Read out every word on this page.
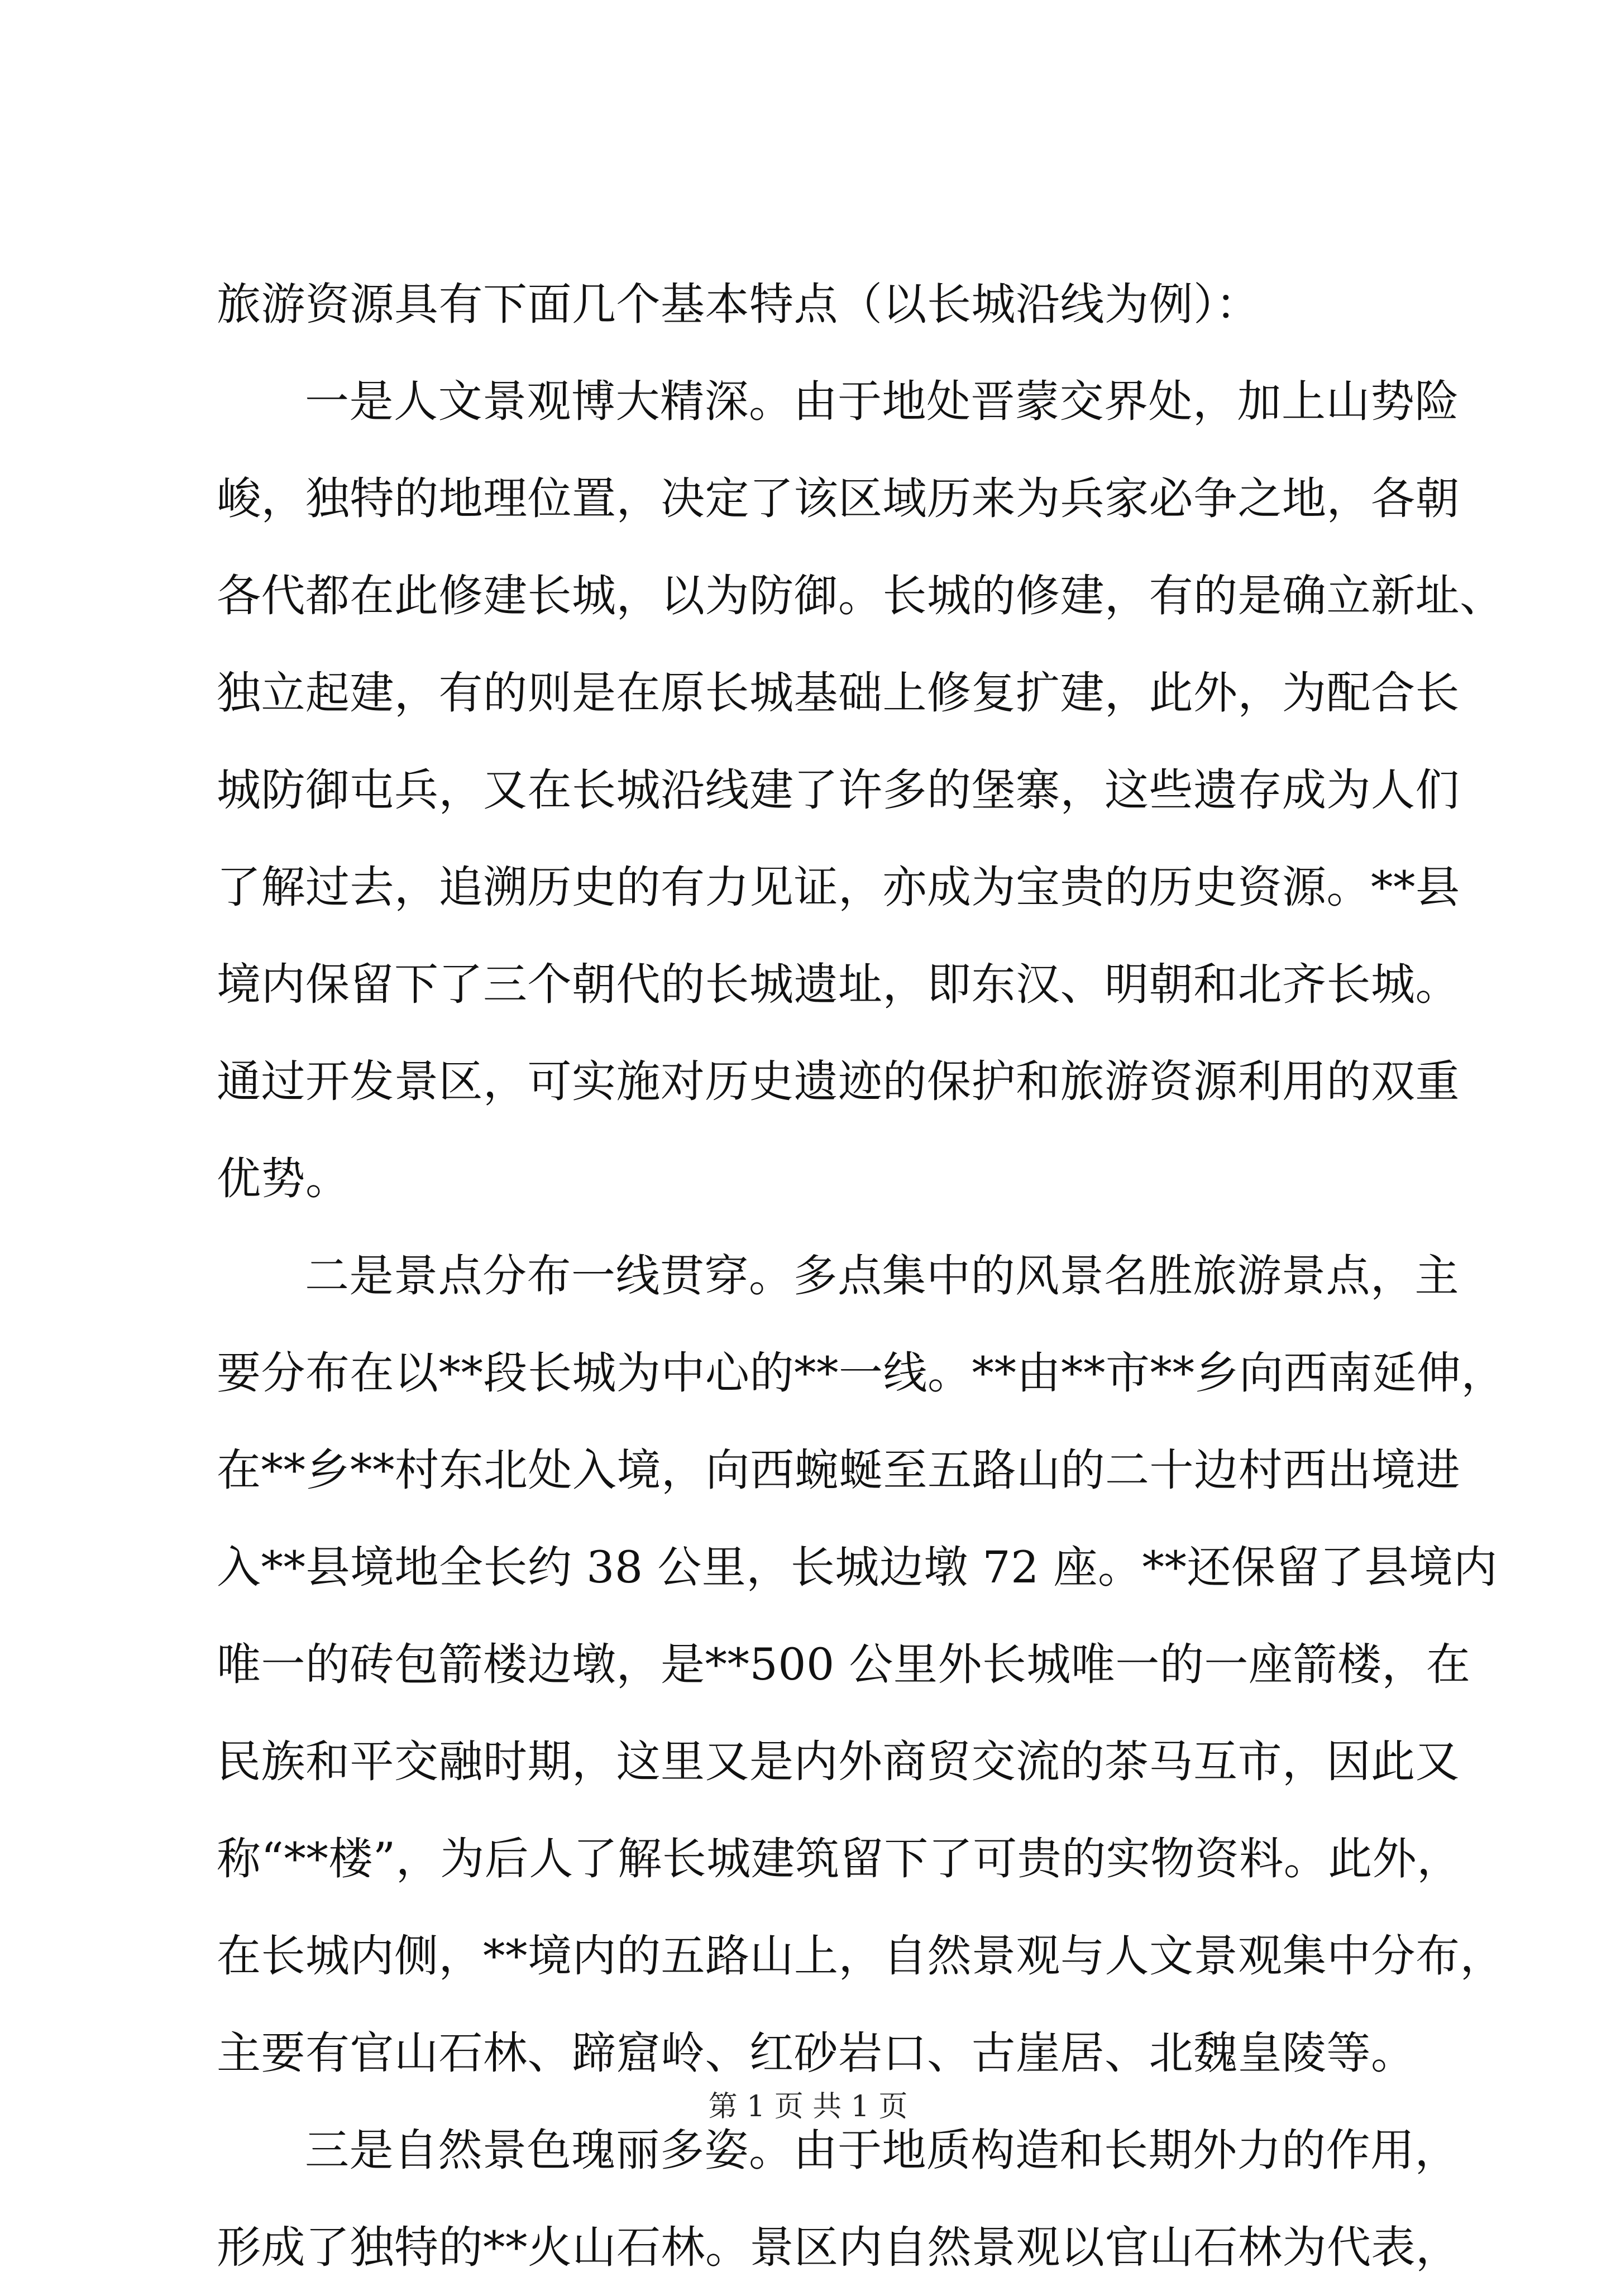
旅游资源具有下面几个基本特点（以长城沿线为例）：
一是人文景观博大精深。由于地处晋蒙交界处，加上山势险
峻，独特的地理位置，决定了该区域历来为兵家必争之地，各朝
各代都在此修建长城，以为防御。长城的修建，有的是确立新址、
独立起建，有的则是在原长城基础上修复扩建，此外，为配合长
城防御屯兵，又在长城沿线建了许多的堡寨，这些遗存成为人们
了解过去，追溯历史的有力见证，亦成为宝贵的历史资源。**县
境内保留下了三个朝代的长城遗址，即东汉、明朝和北齐长城。
通过开发景区，可实施对历史遗迹的保护和旅游资源利用的双重
优势。
二是景点分布一线贯穿。多点集中的风景名胜旅游景点，主
要分布在以**段长城为中心的**一线。**由**市**乡向西南延伸，
在**乡**村东北处入境，向西蜿蜒至五路山的二十边村西出境进
入**县境地全长约 38 公里，长城边墩 72 座。**还保留了县境内
唯一的砖包箭楼边墩，是**500 公里外长城唯一的一座箭楼，在
民族和平交融时期，这里又是内外商贸交流的茶马互市，因此又
称“**楼”，为后人了解长城建筑留下了可贵的实物资料。此外，
在长城内侧，**境内的五路山上，自然景观与人文景观集中分布，
主要有官山石林、蹄窟岭、红砂岩口、古崖居、北魏皇陵等。
三是自然景色瑰丽多姿。由于地质构造和长期外力的作用，
形成了独特的**火山石林。景区内自然景观以官山石林为代表，
第 1 页 共 1 页
